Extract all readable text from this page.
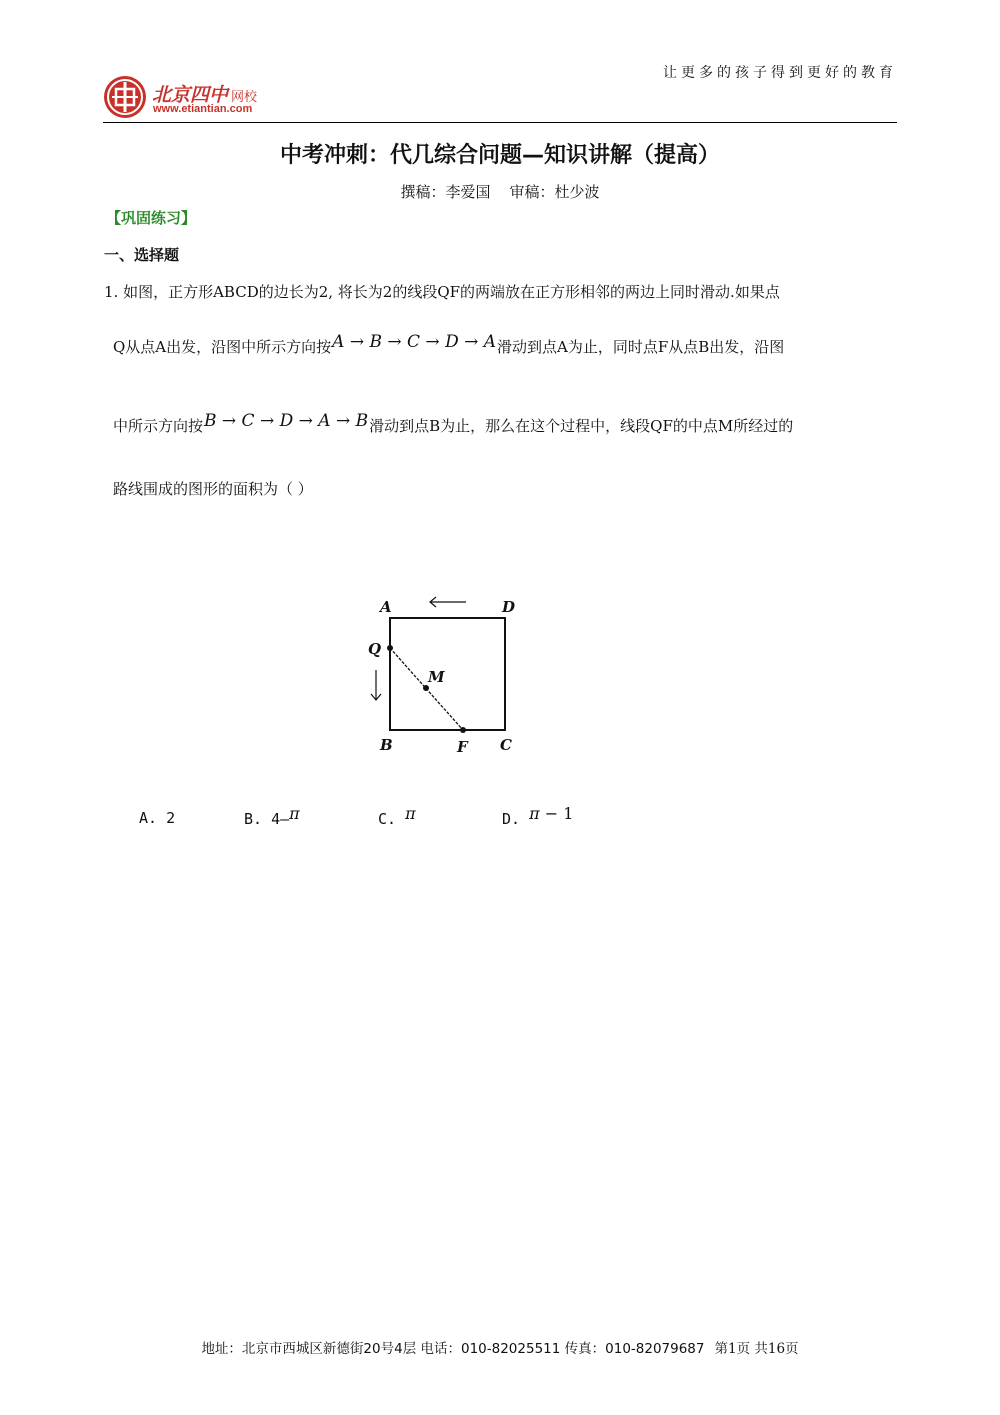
北京四中 网校
www.etiantian.com
让更多的孩子得到更好的教育
中考冲刺：代几综合问题—知识讲解（提高）
撰稿：李爱国    审稿：杜少波
【巩固练习】
一、选择题
1. 如图，正方形ABCD的边长为2, 将长为2的线段QF的两端放在正方形相邻的两边上同时滑动.如果点
Q从点A出发，沿图中所示方向按A → B → C → D → A滑动到点A为止，同时点F从点B出发，沿图
中所示方向按B → C → D → A → B滑动到点B为止，那么在这个过程中，线段QF的中点M所经过的
路线围成的图形的面积为（ ）
A	D
Q
M
B	F C
A. 2	B. 4—π	C. π	D. π − 1
地址：北京市西城区新德街20号4层 电话：010-82025511 传真：010-82079687 第1页 共16页
